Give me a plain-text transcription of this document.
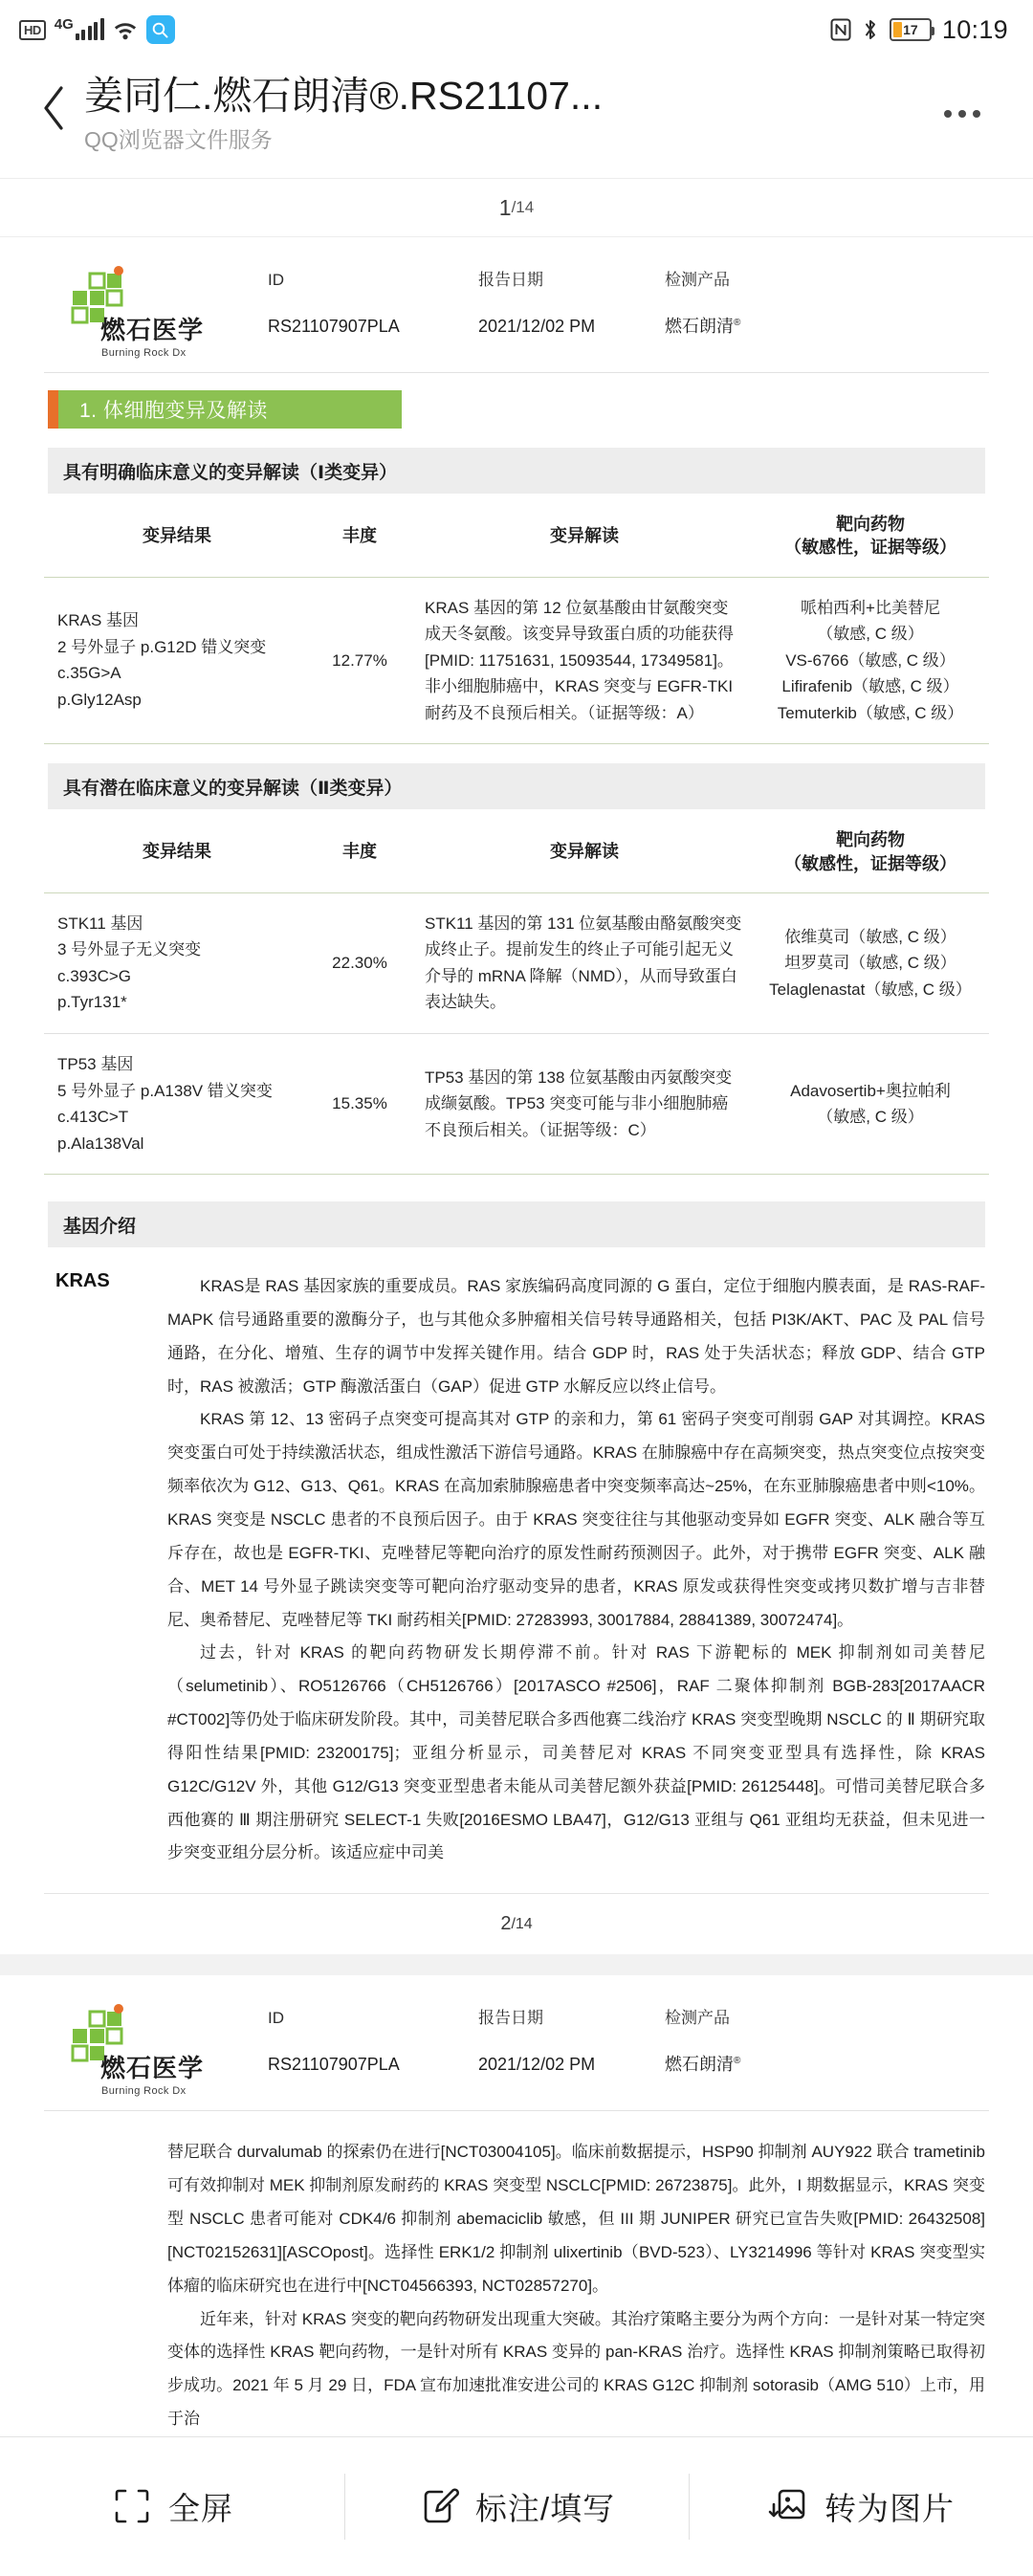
HD 4G	17 10:19
姜同仁.燃石朗清®.RS21107...
QQ浏览器文件服务
1 / 14
燃石医学
Burning Rock Dx
ID
RS21107907PLA
报告日期
2021/12/02 PM
检测产品
燃石朗清®
1. 体细胞变异及解读
具有明确临床意义的变异解读（Ⅰ类变异）
变异结果	丰度	变异解读	靶向药物
（敏感性，证据等级）

KRAS 基因
2 号外显子 p.G12D 错义突变
c.35G>A
p.Gly12Asp	12.77%	KRAS 基因的第 12 位氨基酸由甘氨酸突变成天冬氨酸。该变异导致蛋白质的功能获得[PMID: 11751631, 15093544, 17349581]。非小细胞肺癌中，KRAS 突变与 EGFR-TKI 耐药及不良预后相关。（证据等级：A）	哌柏西利+比美替尼
（敏感, C 级）
VS-6766（敏感, C 级）
Lifirafenib（敏感, C 级）
Temuterkib（敏感, C 级）
具有潜在临床意义的变异解读（Ⅱ类变异）
变异结果	丰度	变异解读	靶向药物
（敏感性，证据等级）

STK11 基因
3 号外显子无义突变
c.393C>G
p.Tyr131*	22.30%	STK11 基因的第 131 位氨基酸由酪氨酸突变成终止子。提前发生的终止子可能引起无义介导的 mRNA 降解（NMD），从而导致蛋白表达缺失。	依维莫司（敏感, C 级）
坦罗莫司（敏感, C 级）
Telaglenastat（敏感, C 级）

TP53 基因
5 号外显子 p.A138V 错义突变
c.413C>T
p.Ala138Val	15.35%	TP53 基因的第 138 位氨基酸由丙氨酸突变成缬氨酸。TP53 突变可能与非小细胞肺癌不良预后相关。（证据等级：C）	Adavosertib+奥拉帕利
（敏感, C 级）
基因介绍
KRAS	KRAS是 RAS 基因家族的重要成员。RAS 家族编码高度同源的 G 蛋白，定位于细胞内膜表面，是 RAS-RAF-MAPK 信号通路重要的激酶分子，也与其他众多肿瘤相关信号转导通路相关，包括 PI3K/AKT、PAC 及 PAL 信号通路，在分化、增殖、生存的调节中发挥关键作用。结合 GDP 时，RAS 处于失活状态；释放 GDP、结合 GTP 时，RAS 被激活；GTP 酶激活蛋白（GAP）促进 GTP 水解反应以终止信号。

KRAS 第 12、13 密码子点突变可提高其对 GTP 的亲和力，第 61 密码子突变可削弱 GAP 对其调控。KRAS 突变蛋白可处于持续激活状态，组成性激活下游信号通路。KRAS 在肺腺癌中存在高频突变，热点突变位点按突变频率依次为 G12、G13、Q61。KRAS 在高加索肺腺癌患者中突变频率高达~25%，在东亚肺腺癌患者中则<10%。KRAS 突变是 NSCLC 患者的不良预后因子。由于 KRAS 突变往往与其他驱动变异如 EGFR 突变、ALK 融合等互斥存在，故也是 EGFR-TKI、克唑替尼等靶向治疗的原发性耐药预测因子。此外，对于携带 EGFR 突变、ALK 融合、MET 14 号外显子跳读突变等可靶向治疗驱动变异的患者，KRAS 原发或获得性突变或拷贝数扩增与吉非替尼、奥希替尼、克唑替尼等 TKI 耐药相关[PMID: 27283993, 30017884, 28841389, 30072474]。

过去，针对 KRAS 的靶向药物研发长期停滞不前。针对 RAS 下游靶标的 MEK 抑制剂如司美替尼（selumetinib）、RO5126766（CH5126766）[2017ASCO #2506]，RAF 二聚体抑制剂 BGB-283[2017AACR #CT002]等仍处于临床研发阶段。其中，司美替尼联合多西他赛二线治疗 KRAS 突变型晚期 NSCLC 的 Ⅱ 期研究取得阳性结果[PMID: 23200175]；亚组分析显示，司美替尼对 KRAS 不同突变亚型具有选择性，除 KRAS G12C/G12V 外，其他 G12/G13 突变亚型患者未能从司美替尼额外获益[PMID: 26125448]。可惜司美替尼联合多西他赛的 Ⅲ 期注册研究 SELECT-1 失败[2016ESMO LBA47]，G12/G13 亚组与 Q61 亚组均无获益，但未见进一步突变亚组分层分析。该适应症中司美

2 / 14
燃石医学
Burning Rock Dx
ID
RS21107907PLA
报告日期
2021/12/02 PM
检测产品
燃石朗清®

替尼联合 durvalumab 的探索仍在进行[NCT03004105]。临床前数据提示，HSP90 抑制剂 AUY922 联合 trametinib 可有效抑制对 MEK 抑制剂原发耐药的 KRAS 突变型 NSCLC[PMID: 26723875]。此外，I 期数据显示，KRAS 突变型 NSCLC 患者可能对 CDK4/6 抑制剂 abemaciclib 敏感，但 III 期 JUNIPER 研究已宣告失败[PMID: 26432508][NCT02152631][ASCOpost]。选择性 ERK1/2 抑制剂 ulixertinib（BVD-523）、LY3214996 等针对 KRAS 突变型实体瘤的临床研究也在进行中[NCT04566393, NCT02857270]。

近年来，针对 KRAS 突变的靶向药物研发出现重大突破。其治疗策略主要分为两个方向：一是针对某一特定突变体的选择性 KRAS 靶向药物，一是针对所有 KRAS 变异的 pan-KRAS 治疗。选择性 KRAS 抑制剂策略已取得初步成功。2021 年 5 月 29 日，FDA 宣布加速批准安进公司的 KRAS G12C 抑制剂 sotorasib（AMG 510）上市，用于治

全屏	标注/填写	转为图片
